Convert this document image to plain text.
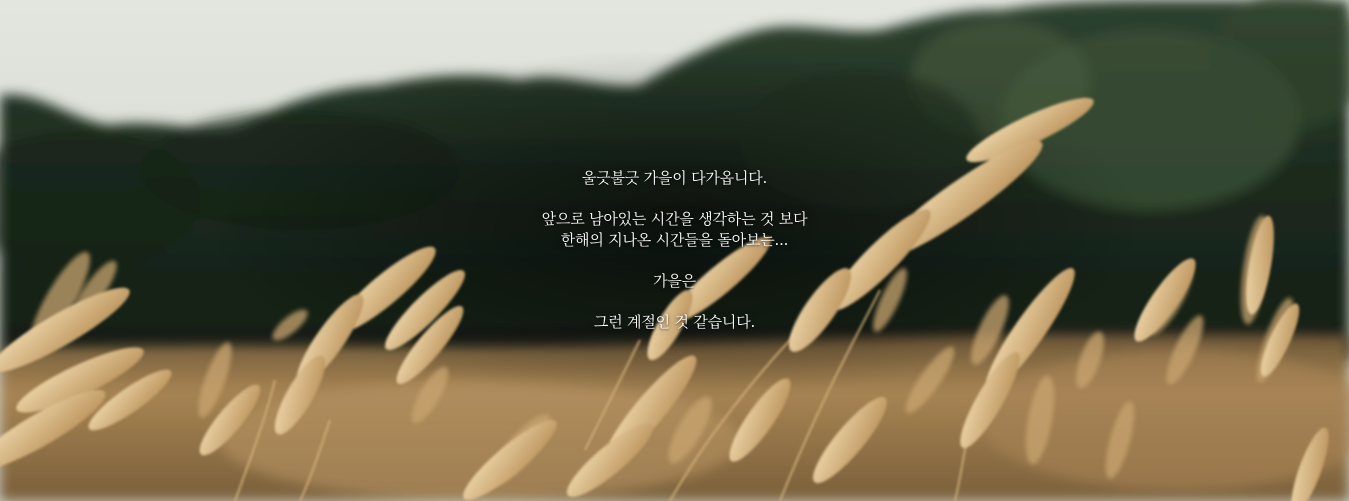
울긋불긋 가을이 다가옵니다.

앞으로 남아있는 시간을 생각하는 것 보다

한해의 지나온 시간들을 돌아보는...

가을은

그런 계절인 것 같습니다.
